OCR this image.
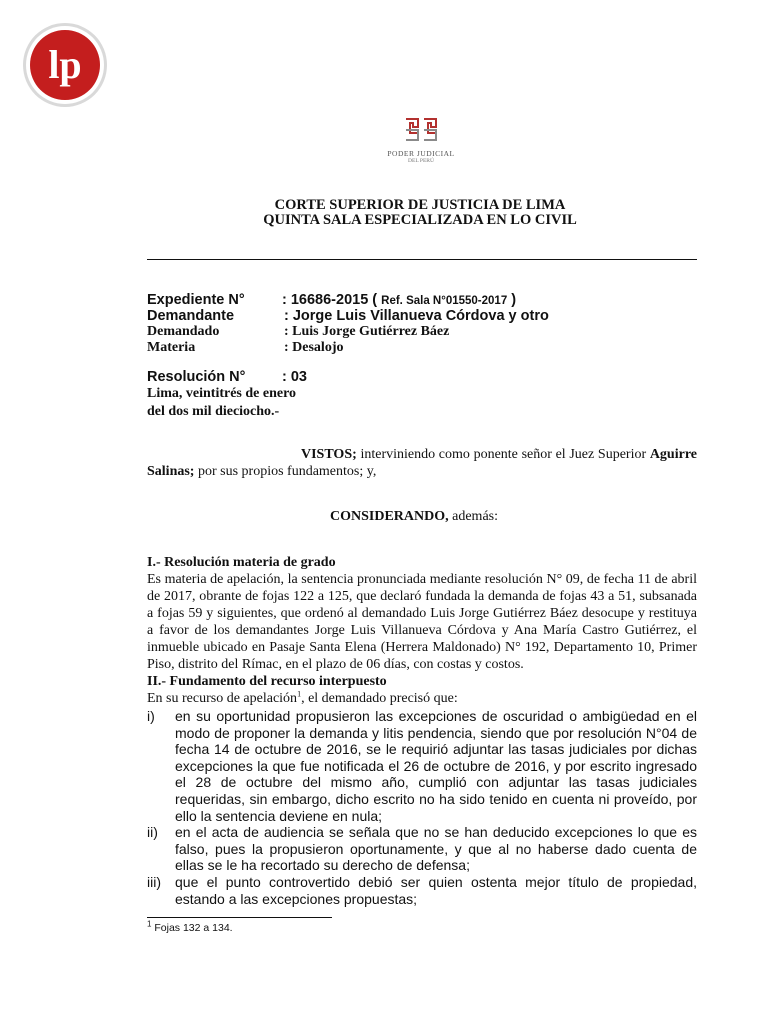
lp
PODER JUDICIAL
DEL PERÚ
CORTE SUPERIOR DE JUSTICIA DE LIMA
QUINTA SALA ESPECIALIZADA EN LO CIVIL
Expediente N°	: 16686-2015 ( Ref. Sala N°01550-2017 )
Demandante	: Jorge Luis Villanueva Córdova y otro
Demandado	: Luis Jorge Gutiérrez Báez
Materia	: Desalojo
Resolución N°	: 03
Lima, veintitrés de enero
del dos mil dieciocho.-
VISTOS; interviniendo como ponente señor el Juez Superior Aguirre Salinas; por sus propios fundamentos; y,
CONSIDERANDO, además:
I.- Resolución materia de grado
Es materia de apelación, la sentencia pronunciada mediante resolución N° 09, de fecha 11 de abril de 2017, obrante de fojas 122 a 125, que declaró fundada la demanda de fojas 43 a 51, subsanada a fojas 59 y siguientes, que ordenó al demandado Luis Jorge Gutiérrez Báez desocupe y restituya a favor de los demandantes Jorge Luis Villanueva Córdova y Ana María Castro Gutiérrez, el inmueble ubicado en Pasaje Santa Elena (Herrera Maldonado) N° 192, Departamento 10, Primer Piso, distrito del Rímac, en el plazo de 06 días, con costas y costos.
II.- Fundamento del recurso interpuesto
En su recurso de apelación$^1$, el demandado precisó que:

i) en su oportunidad propusieron las excepciones de oscuridad o ambigüedad en el modo de proponer la demanda y litis pendencia, siendo que por resolución N°04 de fecha 14 de octubre de 2016, se le requirió adjuntar las tasas judiciales por dichas excepciones la que fue notificada el 26 de octubre de 2016, y por escrito ingresado el 28 de octubre del mismo año, cumplió con adjuntar las tasas judiciales requeridas, sin embargo, dicho escrito no ha sido tenido en cuenta ni proveído, por ello la sentencia deviene en nula;

ii) en el acta de audiencia se señala que no se han deducido excepciones lo que es falso, pues la propusieron oportunamente, y que al no haberse dado cuenta de ellas se le ha recortado su derecho de defensa;

iii) que el punto controvertido debió ser quien ostenta mejor título de propiedad, estando a las excepciones propuestas;

$^1$ Fojas 132 a 134.
